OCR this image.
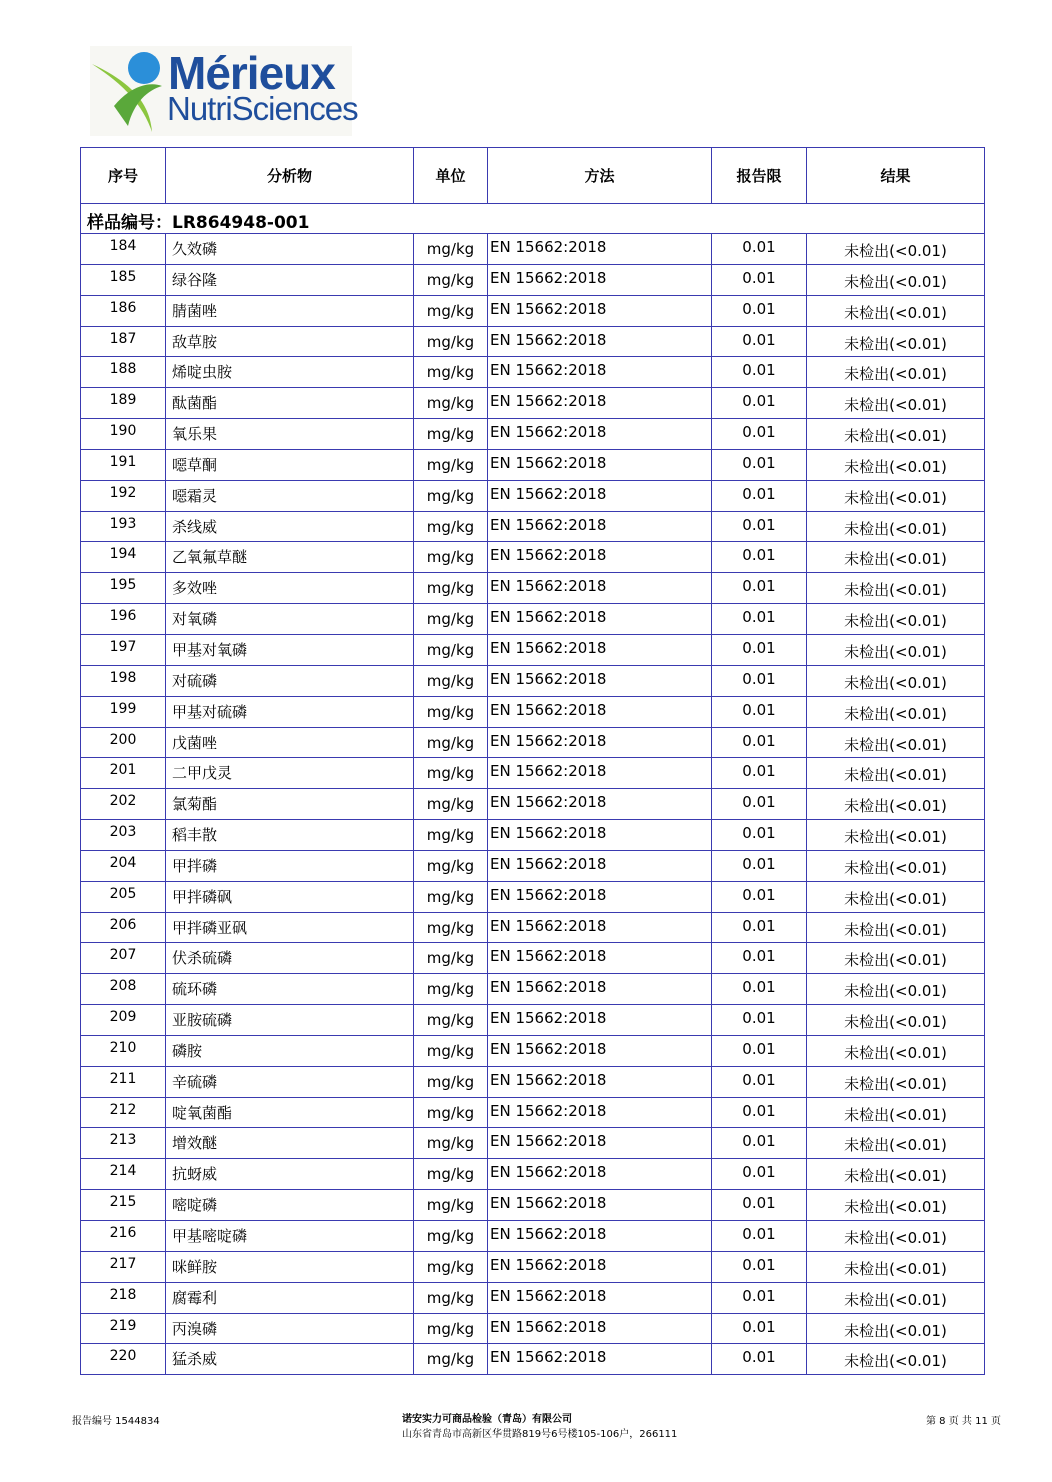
Mérieux
NutriSciences
序号	分析物	单位	方法	报告限	结果
样品编号：LR864948-001					
184	久效磷	mg/kg	EN 15662:2018	0.01	未检出(<0.01)
185	绿谷隆	mg/kg	EN 15662:2018	0.01	未检出(<0.01)
186	腈菌唑	mg/kg	EN 15662:2018	0.01	未检出(<0.01)
187	敌草胺	mg/kg	EN 15662:2018	0.01	未检出(<0.01)
188	烯啶虫胺	mg/kg	EN 15662:2018	0.01	未检出(<0.01)
189	酞菌酯	mg/kg	EN 15662:2018	0.01	未检出(<0.01)
190	氧乐果	mg/kg	EN 15662:2018	0.01	未检出(<0.01)
191	噁草酮	mg/kg	EN 15662:2018	0.01	未检出(<0.01)
192	噁霜灵	mg/kg	EN 15662:2018	0.01	未检出(<0.01)
193	杀线威	mg/kg	EN 15662:2018	0.01	未检出(<0.01)
194	乙氧氟草醚	mg/kg	EN 15662:2018	0.01	未检出(<0.01)
195	多效唑	mg/kg	EN 15662:2018	0.01	未检出(<0.01)
196	对氧磷	mg/kg	EN 15662:2018	0.01	未检出(<0.01)
197	甲基对氧磷	mg/kg	EN 15662:2018	0.01	未检出(<0.01)
198	对硫磷	mg/kg	EN 15662:2018	0.01	未检出(<0.01)
199	甲基对硫磷	mg/kg	EN 15662:2018	0.01	未检出(<0.01)
200	戊菌唑	mg/kg	EN 15662:2018	0.01	未检出(<0.01)
201	二甲戊灵	mg/kg	EN 15662:2018	0.01	未检出(<0.01)
202	氯菊酯	mg/kg	EN 15662:2018	0.01	未检出(<0.01)
203	稻丰散	mg/kg	EN 15662:2018	0.01	未检出(<0.01)
204	甲拌磷	mg/kg	EN 15662:2018	0.01	未检出(<0.01)
205	甲拌磷砜	mg/kg	EN 15662:2018	0.01	未检出(<0.01)
206	甲拌磷亚砜	mg/kg	EN 15662:2018	0.01	未检出(<0.01)
207	伏杀硫磷	mg/kg	EN 15662:2018	0.01	未检出(<0.01)
208	硫环磷	mg/kg	EN 15662:2018	0.01	未检出(<0.01)
209	亚胺硫磷	mg/kg	EN 15662:2018	0.01	未检出(<0.01)
210	磷胺	mg/kg	EN 15662:2018	0.01	未检出(<0.01)
211	辛硫磷	mg/kg	EN 15662:2018	0.01	未检出(<0.01)
212	啶氧菌酯	mg/kg	EN 15662:2018	0.01	未检出(<0.01)
213	增效醚	mg/kg	EN 15662:2018	0.01	未检出(<0.01)
214	抗蚜威	mg/kg	EN 15662:2018	0.01	未检出(<0.01)
215	嘧啶磷	mg/kg	EN 15662:2018	0.01	未检出(<0.01)
216	甲基嘧啶磷	mg/kg	EN 15662:2018	0.01	未检出(<0.01)
217	咪鲜胺	mg/kg	EN 15662:2018	0.01	未检出(<0.01)
218	腐霉利	mg/kg	EN 15662:2018	0.01	未检出(<0.01)
219	丙溴磷	mg/kg	EN 15662:2018	0.01	未检出(<0.01)
220	猛杀威	mg/kg	EN 15662:2018	0.01	未检出(<0.01)
报告编号 1544834	诺安实力可商品检验（青岛）有限公司
山东省青岛市高新区华贯路819号6号楼105-106户，266111
第 8 页 共 11 页
